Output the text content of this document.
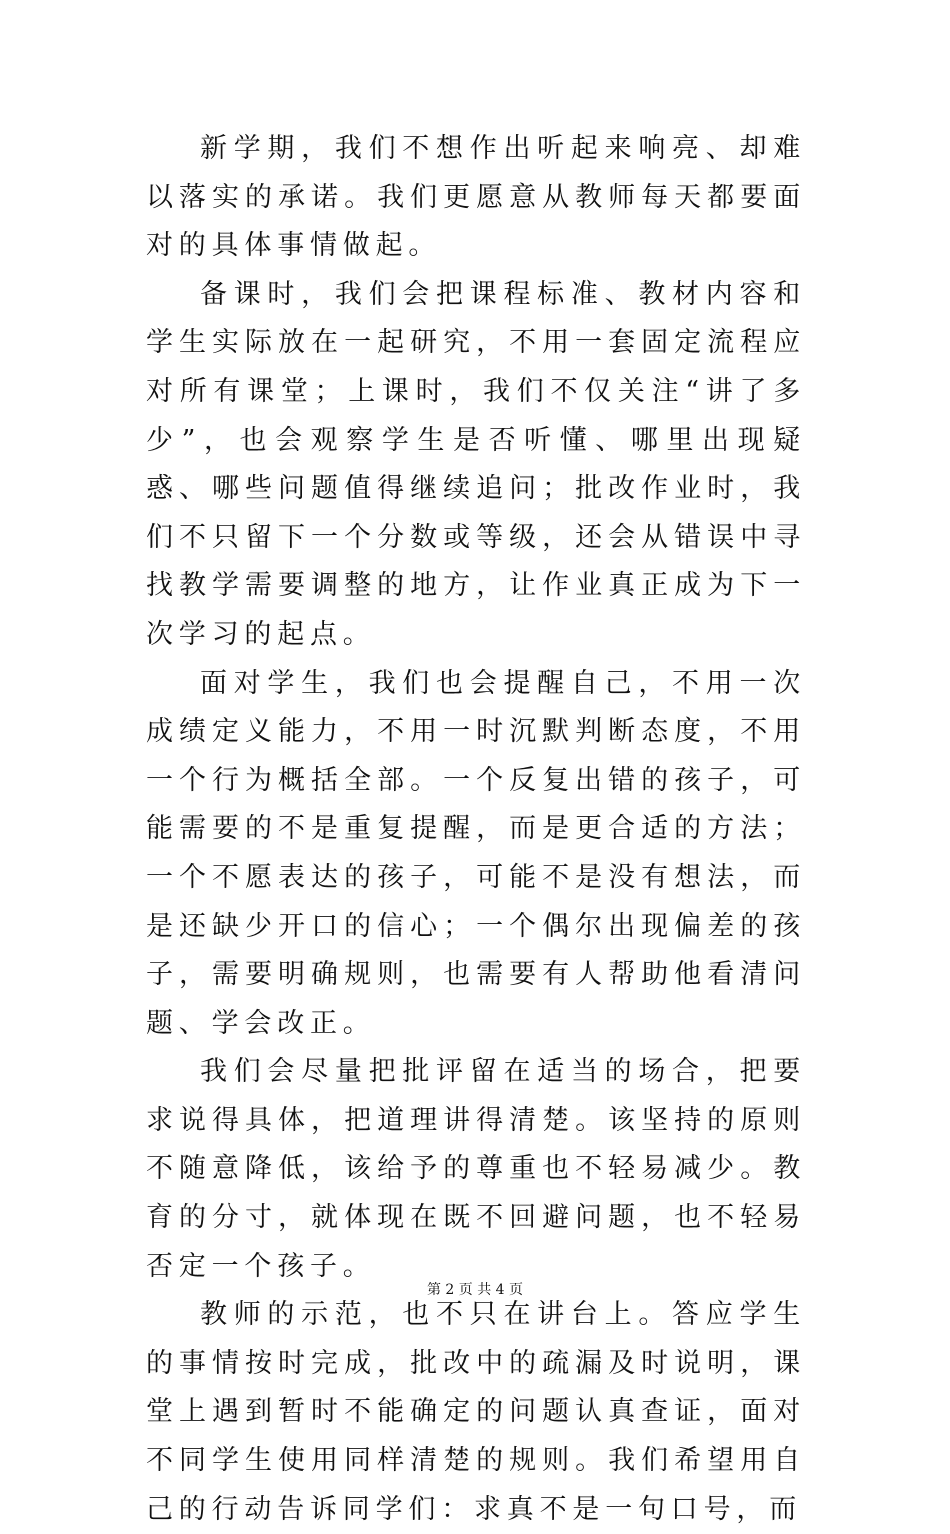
新学期，我们不想作出听起来响亮、却难以落实的承诺。我们更愿意从教师每天都要面对的具体事情做起。

备课时，我们会把课程标准、教材内容和学生实际放在一起研究，不用一套固定流程应对所有课堂；上课时，我们不仅关注“讲了多少”，也会观察学生是否听懂、哪里出现疑惑、哪些问题值得继续追问；批改作业时，我们不只留下一个分数或等级，还会从错误中寻找教学需要调整的地方，让作业真正成为下一次学习的起点。

面对学生，我们也会提醒自己，不用一次成绩定义能力，不用一时沉默判断态度，不用一个行为概括全部。一个反复出错的孩子，可能需要的不是重复提醒，而是更合适的方法；一个不愿表达的孩子，可能不是没有想法，而是还缺少开口的信心；一个偶尔出现偏差的孩子，需要明确规则，也需要有人帮助他看清问题、学会改正。

我们会尽量把批评留在适当的场合，把要求说得具体，把道理讲得清楚。该坚持的原则不随意降低，该给予的尊重也不轻易减少。教育的分寸，就体现在既不回避问题，也不轻易否定一个孩子。

教师的示范，也不只在讲台上。答应学生的事情按时完成，批改中的疏漏及时说明，课堂上遇到暂时不能确定的问题认真查证，面对不同学生使用同样清楚的规则。我们希望用自己的行动告诉同学们：求真不是一句口号，而

第 2 页 共 4 页
